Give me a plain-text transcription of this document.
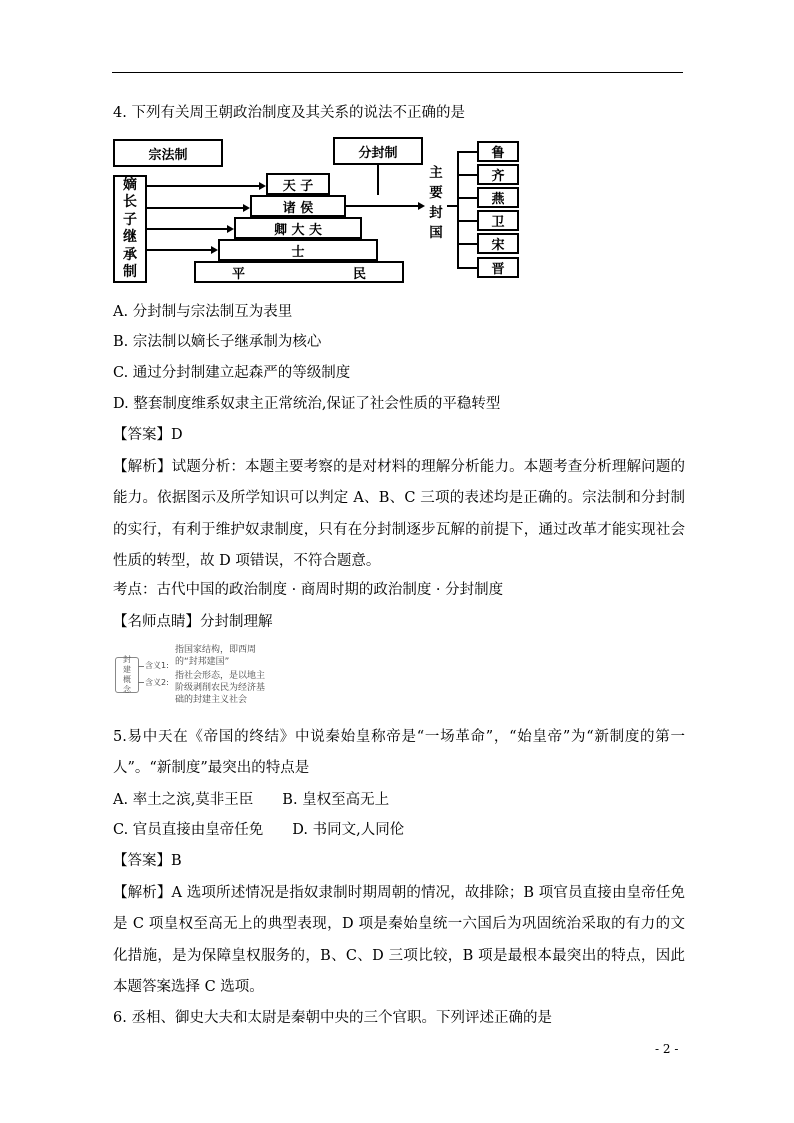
4. 下列有关周王朝政治制度及其关系的说法不正确的是
宗法制	分封制
嫡
长
子
继
承
制
天 子
诸 侯
卿 大 夫
士
平	民
主
要
封
国
鲁
齐
燕
卫
宋
晋
A. 分封制与宗法制互为表里
B. 宗法制以嫡长子继承制为核心
C. 通过分封制建立起森严的等级制度
D. 整套制度维系奴隶主正常统治,保证了社会性质的平稳转型
【答案】D
【解析】试题分析：本题主要考察的是对材料的理解分析能力。本题考查分析理解问题的能力。依据图示及所学知识可以判定 A、B、C 三项的表述均是正确的。宗法制和分封制的实行，有利于维护奴隶制度，只有在分封制逐步瓦解的前提下，通过改革才能实现社会性质的转型，故 D 项错误，不符合题意。
考点：古代中国的政治制度 · 商周时期的政治制度 · 分封制度
【名师点睛】分封制理解
封
建
概
念
含义1:
含义2:
指国家结构，即西周
的“封邦建国”
指社会形态，是以地主
阶级剥削农民为经济基
础的封建主义社会
5.易中天在《帝国的终结》中说秦始皇称帝是“一场革命”，“始皇帝”为“新制度的第一人”。“新制度”最突出的特点是
A. 率土之滨,莫非王臣　　B. 皇权至高无上
C. 官员直接由皇帝任免　　D. 书同文,人同伦
【答案】B
【解析】A 选项所述情况是指奴隶制时期周朝的情况，故排除；B 项官员直接由皇帝任免是 C 项皇权至高无上的典型表现，D 项是秦始皇统一六国后为巩固统治采取的有力的文化措施，是为保障皇权服务的，B、C、D 三项比较，B 项是最根本最突出的特点，因此本题答案选择 C 选项。
6. 丞相、御史大夫和太尉是秦朝中央的三个官职。下列评述正确的是
- 2 -
